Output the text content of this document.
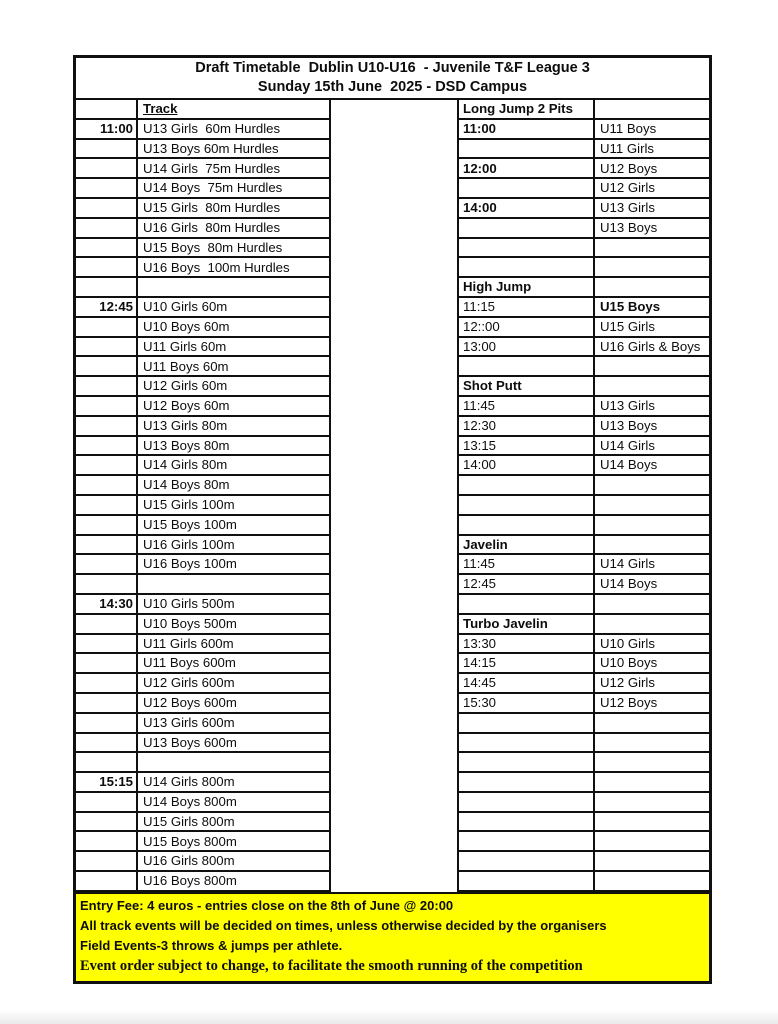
Draft Timetable  Dublin U10-U16  - Juvenile T&F League 3
Sunday 15th June  2025 - DSD Campus
Track
11:00 U13 Girls  60m Hurdles
U13 Boys 60m Hurdles
U14 Girls  75m Hurdles
U14 Boys  75m Hurdles
U15 Girls  80m Hurdles
U16 Girls  80m Hurdles
U15 Boys  80m Hurdles
U16 Boys  100m Hurdles
12:45 U10 Girls 60m
U10 Boys 60m
U11 Girls 60m
U11 Boys 60m
U12 Girls 60m
U12 Boys 60m
U13 Girls 80m
U13 Boys 80m
U14 Girls 80m
U14 Boys 80m
U15 Girls 100m
U15 Boys 100m
U16 Girls 100m
U16 Boys 100m
14:30 U10 Girls 500m
U10 Boys 500m
U11 Girls 600m
U11 Boys 600m
U12 Girls 600m
U12 Boys 600m
U13 Girls 600m
U13 Boys 600m
15:15 U14 Girls 800m
U14 Boys 800m
U15 Girls 800m
U15 Boys 800m
U16 Girls 800m
U16 Boys 800m
Long Jump 2 Pits
11:00	U11 Boys
U11 Girls
12:00	U12 Boys
U12 Girls
14:00	U13 Girls
U13 Boys
High Jump
11:15	U15 Boys
12::00	U15 Girls
13:00	U16 Girls & Boys
Shot Putt
11:45	U13 Girls
12:30	U13 Boys
13:15	U14 Girls
14:00	U14 Boys
Javelin
11:45	U14 Girls
12:45	U14 Boys
Turbo Javelin
13:30	U10 Girls
14:15	U10 Boys
14:45	U12 Girls
15:30	U12 Boys
Entry Fee: 4 euros - entries close on the 8th of June @ 20:00
All track events will be decided on times, unless otherwise decided by the organisers
Field Events-3 throws & jumps per athlete.
Event order subject to change, to facilitate the smooth running of the competition
